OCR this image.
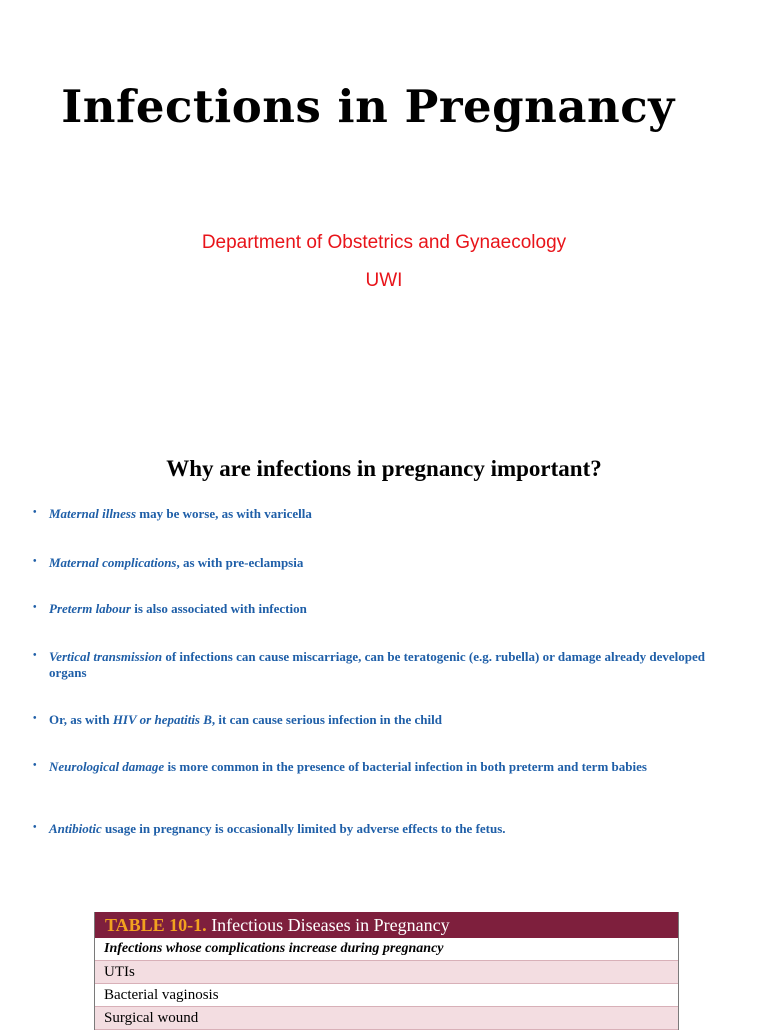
Infections in Pregnancy
Department of Obstetrics and Gynaecology
UWI
Why are infections in pregnancy important?
• Maternal illness may be worse, as with varicella
• Maternal complications, as with pre-eclampsia
• Preterm labour is also associated with infection
• Vertical transmission of infections can cause miscarriage, can be teratogenic (e.g. rubella) or damage already developed organs
• Or, as with HIV or hepatitis B, it can cause serious infection in the child
• Neurological damage is more common in the presence of bacterial infection in both preterm and term babies
• Antibiotic usage in pregnancy is occasionally limited by adverse effects to the fetus.
TABLE 10-1. Infectious Diseases in Pregnancy
Infections whose complications increase during pregnancy
UTIs
Bacterial vaginosis
Surgical wound
